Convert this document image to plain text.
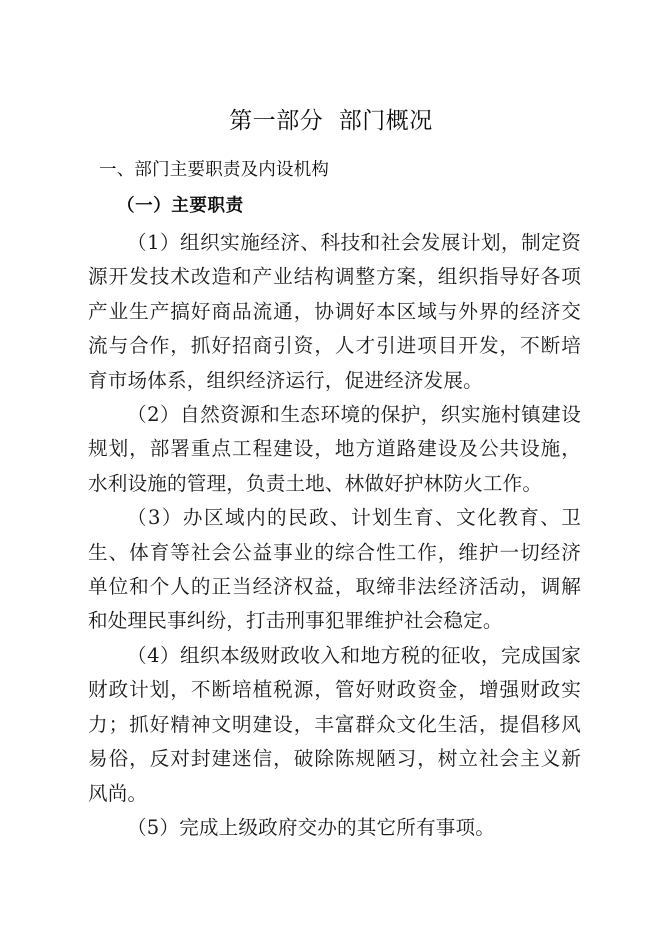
第一部分  部门概况
一、部门主要职责及内设机构
（一）主要职责

（1）组织实施经济、科技和社会发展计划，制定资源开发技术改造和产业结构调整方案，组织指导好各项产业生产搞好商品流通，协调好本区域与外界的经济交流与合作，抓好招商引资，人才引进项目开发，不断培育市场体系，组织经济运行，促进经济发展。

（2）自然资源和生态环境的保护，织实施村镇建设规划，部署重点工程建设，地方道路建设及公共设施，水利设施的管理，负责土地、林做好护林防火工作。

（3）办区域内的民政、计划生育、文化教育、卫生、体育等社会公益事业的综合性工作，维护一切经济单位和个人的正当经济权益，取缔非法经济活动，调解和处理民事纠纷，打击刑事犯罪维护社会稳定。

（4）组织本级财政收入和地方税的征收，完成国家财政计划，不断培植税源，管好财政资金，增强财政实力；抓好精神文明建设，丰富群众文化生活，提倡移风易俗，反对封建迷信，破除陈规陋习，树立社会主义新风尚。

（5）完成上级政府交办的其它所有事项。
